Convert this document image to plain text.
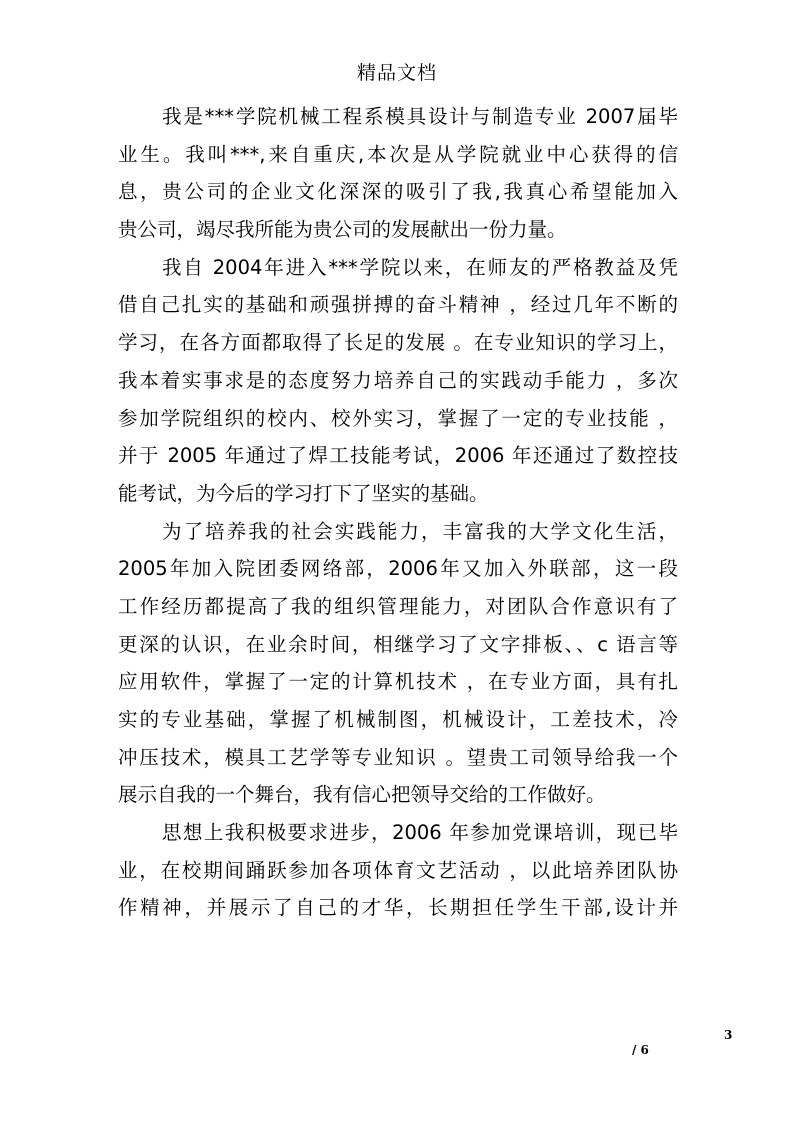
精品文档
我是***学院机械工程系模具设计与制造专业 2007届毕
业生。我叫***,来自重庆,本次是从学院就业中心获得的信
息，贵公司的企业文化深深的吸引了我,我真心希望能加入
贵公司，竭尽我所能为贵公司的发展献出一份力量。
我自 2004年进入***学院以来，在师友的严格教益及凭
借自己扎实的基础和顽强拼搏的奋斗精神 ，经过几年不断的
学习，在各方面都取得了长足的发展 。在专业知识的学习上，
我本着实事求是的态度努力培养自己的实践动手能力 ，多次
参加学院组织的校内、校外实习，掌握了一定的专业技能 ，
并于 2005 年通过了焊工技能考试，2006 年还通过了数控技
能考试，为今后的学习打下了坚实的基础。
为了培养我的社会实践能力，丰富我的大学文化生活，
2005年加入院团委网络部，2006年又加入外联部，这一段
工作经历都提高了我的组织管理能力，对团队合作意识有了
更深的认识，在业余时间，相继学习了文字排板、、c 语言等
应用软件，掌握了一定的计算机技术 ，在专业方面，具有扎
实的专业基础，掌握了机械制图，机械设计，工差技术，冷
冲压技术，模具工艺学等专业知识 。望贵工司领导给我一个
展示自我的一个舞台，我有信心把领导交给的工作做好。
思想上我积极要求进步，2006 年参加党课培训，现已毕
业，在校期间踊跃参加各项体育文艺活动 ，以此培养团队协
作精神，并展示了自己的才华，长期担任学生干部,设计并
3
/ 6
